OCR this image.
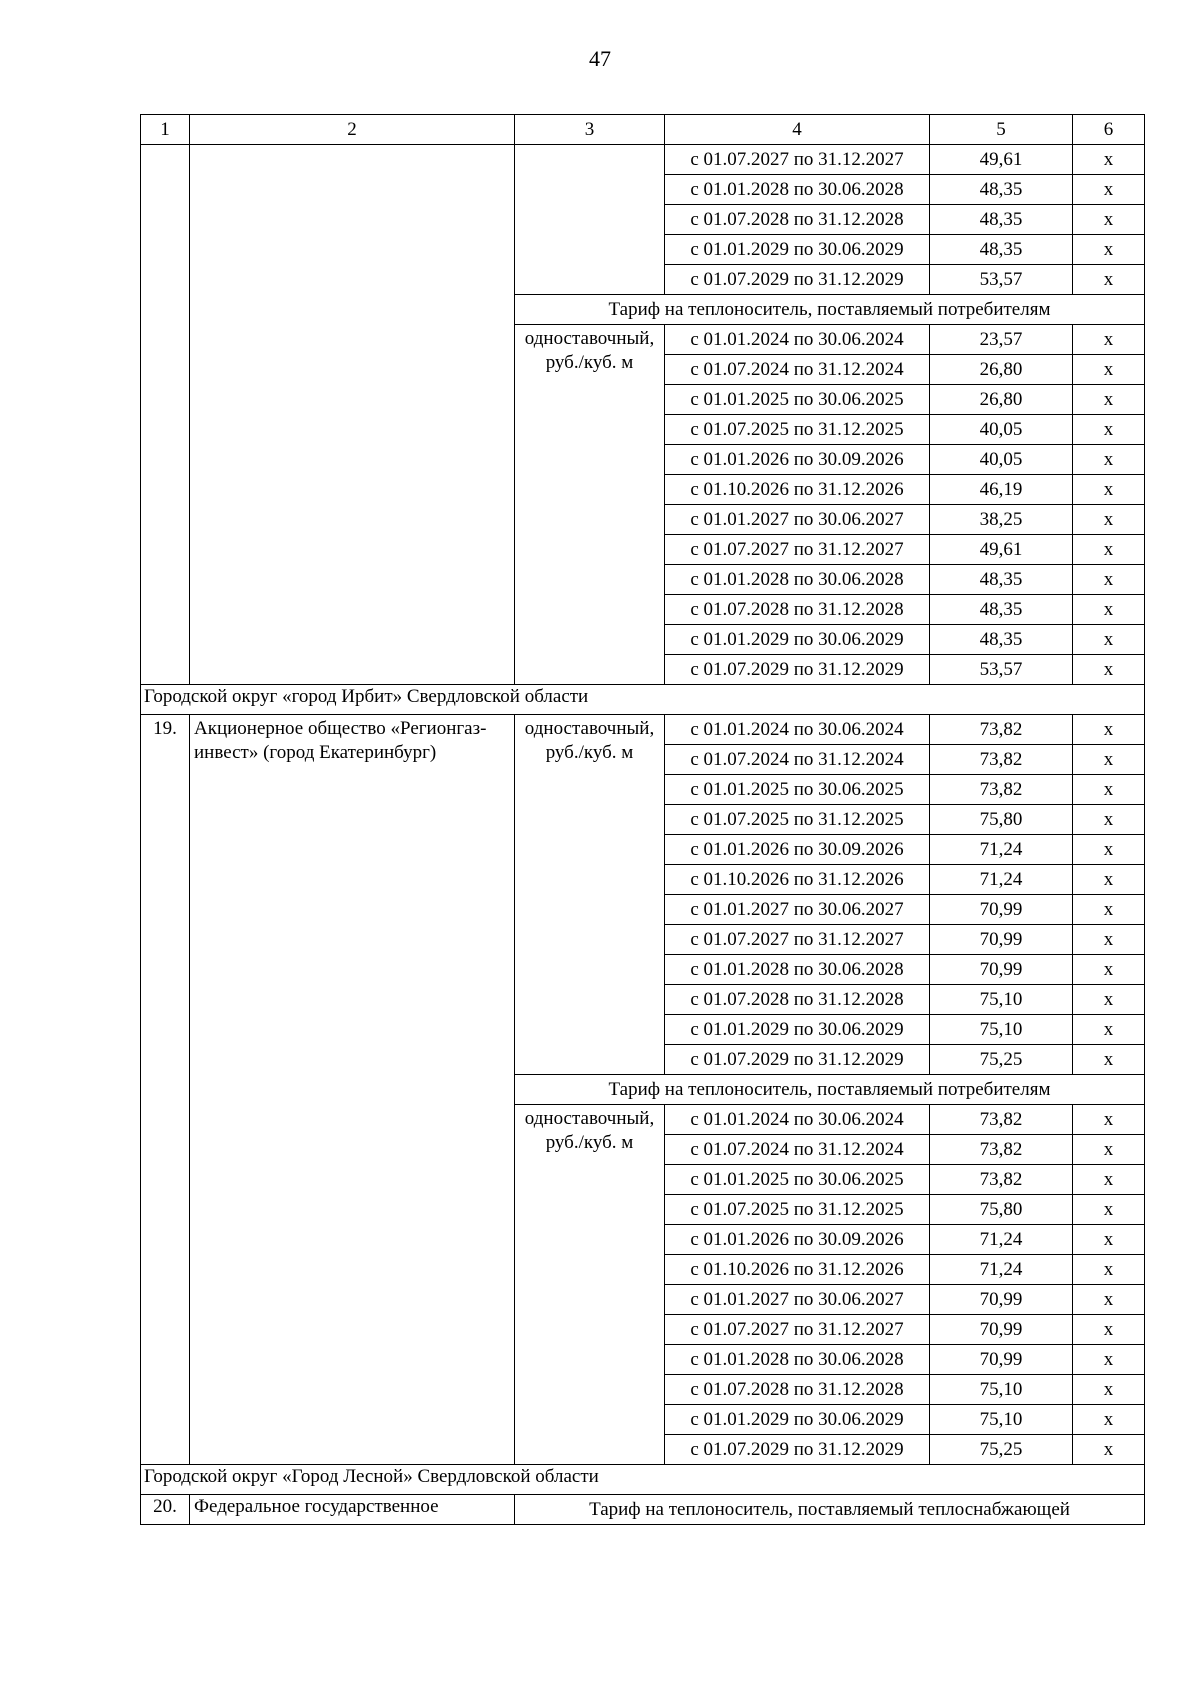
47
1	2	3	4	5	6
			с 01.07.2027 по 31.12.2027	49,61	х
			с 01.01.2028 по 30.06.2028	48,35	х
			с 01.07.2028 по 31.12.2028	48,35	х
			с 01.01.2029 по 30.06.2029	48,35	х
			с 01.07.2029 по 31.12.2029	53,57	х
		Тариф на теплоноситель, поставляемый потребителям			
		одноставочный, руб./куб. м	с 01.01.2024 по 30.06.2024	23,57	х
			с 01.07.2024 по 31.12.2024	26,80	х
			с 01.01.2025 по 30.06.2025	26,80	х
			с 01.07.2025 по 31.12.2025	40,05	х
			с 01.01.2026 по 30.09.2026	40,05	х
			с 01.10.2026 по 31.12.2026	46,19	х
			с 01.01.2027 по 30.06.2027	38,25	х
			с 01.07.2027 по 31.12.2027	49,61	х
			с 01.01.2028 по 30.06.2028	48,35	х
			с 01.07.2028 по 31.12.2028	48,35	х
			с 01.01.2029 по 30.06.2029	48,35	х
			с 01.07.2029 по 31.12.2029	53,57	х
Городской округ «город Ирбит» Свердловской области					
19.	Акционерное общество «Регионгаз-инвест» (город Екатеринбург)	одноставочный, руб./куб. м	с 01.01.2024 по 30.06.2024	73,82	х
			с 01.07.2024 по 31.12.2024	73,82	х
			с 01.01.2025 по 30.06.2025	73,82	х
			с 01.07.2025 по 31.12.2025	75,80	х
			с 01.01.2026 по 30.09.2026	71,24	х
			с 01.10.2026 по 31.12.2026	71,24	х
			с 01.01.2027 по 30.06.2027	70,99	х
			с 01.07.2027 по 31.12.2027	70,99	х
			с 01.01.2028 по 30.06.2028	70,99	х
			с 01.07.2028 по 31.12.2028	75,10	х
			с 01.01.2029 по 30.06.2029	75,10	х
			с 01.07.2029 по 31.12.2029	75,25	х
		Тариф на теплоноситель, поставляемый потребителям			
		одноставочный, руб./куб. м	с 01.01.2024 по 30.06.2024	73,82	х
			с 01.07.2024 по 31.12.2024	73,82	х
			с 01.01.2025 по 30.06.2025	73,82	х
			с 01.07.2025 по 31.12.2025	75,80	х
			с 01.01.2026 по 30.09.2026	71,24	х
			с 01.10.2026 по 31.12.2026	71,24	х
			с 01.01.2027 по 30.06.2027	70,99	х
			с 01.07.2027 по 31.12.2027	70,99	х
			с 01.01.2028 по 30.06.2028	70,99	х
			с 01.07.2028 по 31.12.2028	75,10	х
			с 01.01.2029 по 30.06.2029	75,10	х
			с 01.07.2029 по 31.12.2029	75,25	х
Городской округ «Город Лесной» Свердловской области					
20.	Федеральное государственное	Тариф на теплоноситель, поставляемый теплоснабжающей			
